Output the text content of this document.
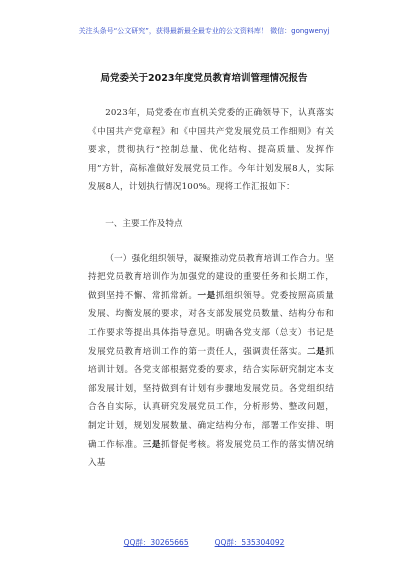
关注头条号“公文研究”，获得最新最全最专业的公文资料库！ 微信：gongwenyj
局党委关于2023年度党员教育培训管理情况报告

2023年，局党委在市直机关党委的正确领导下，认真落实《中国共产党章程》和《中国共产党发展党员工作细则》有关要求，贯彻执行“控制总量、优化结构、提高质量、发挥作用”方针，高标准做好发展党员工作。今年计划发展8人，实际发展8人，计划执行情况100%。现将工作汇报如下：

一、主要工作及特点

（一）强化组织领导，凝聚推动党员教育培训工作合力。坚持把党员教育培训作为加强党的建设的重要任务和长期工作，做到坚持不懈、常抓常新。一是抓组织领导。党委按照高质量发展、均衡发展的要求，对各支部发展党员数量、结构分布和工作要求等提出具体指导意见。明确各党支部（总支）书记是发展党员教育培训工作的第一责任人，强调责任落实。二是抓培训计划。各党支部根据党委的要求，结合实际研究制定本支部发展计划，坚持做到有计划有步骤地发展党员。各党组织结合各自实际，认真研究发展党员工作，分析形势、整改问题，制定计划，规划发展数量、确定结构分布，部署工作安排、明确工作标准。三是抓督促考核。将发展党员工作的落实情况纳入基

QQ群：30265665	QQ群：535304092
